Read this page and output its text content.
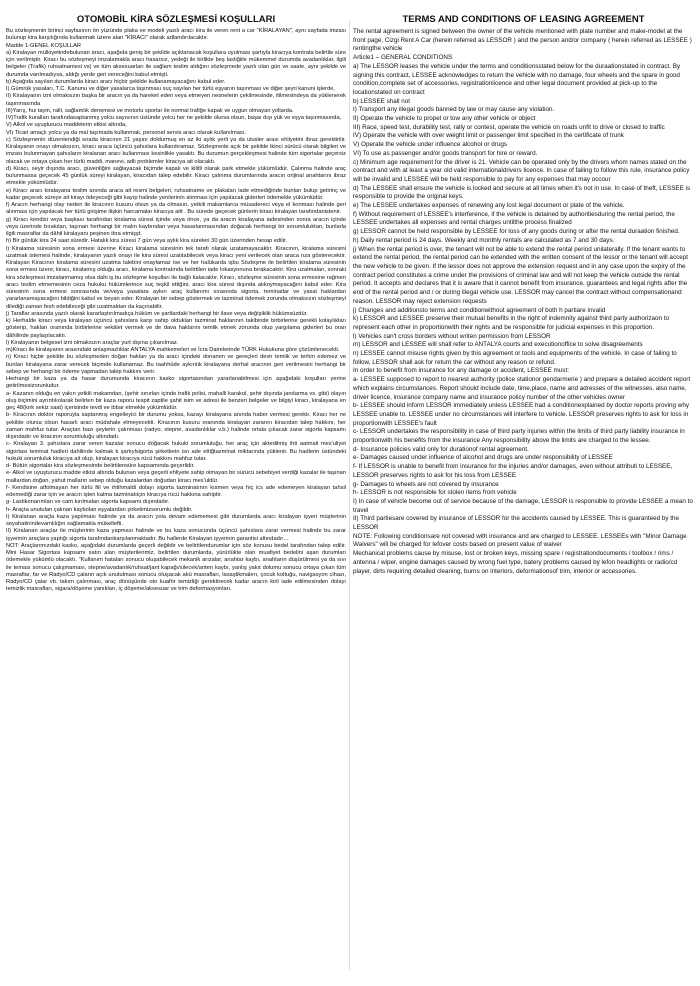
OTOMOBİL KİRA SÖZLEŞMESİ KOŞULLARI

Bu sözleşmenin birinci sayfasının ön yüzünde plaka ve modeli yazılı aracı kira ile veren rent a car "KİRALAYAN", aynı sayfada imzası bulunup kira karşılığında kullanmak üzere alan "KİRACI" olarak adlandırılacaktır.

Madde 1-GENEL KOŞULLAR

a) Kiralayan mülkiyetindebulunan aracı, aşağıda geniş bir şekilde açıklanacak koşullara uyulması şartıyla kiracıya kontrata belirtile süre için verilmiştir. Kiracı bu sözleşmeyi imzalamakla aracı hasarsız, yedeği ile birlikte beş lastiğiile mükemmel durumda avadanlıklar, ilgili belgeler (Trafik) ruhsatnamesi vs) ve tüm aksesuarları ile sağlam teslim aldığını sözleşmede yazılı olan gün ve saate, aynı şekilde ve durumda varılmadıysa, aldığı yerde geri vereceğini kabul etmişti.

b) Aşağıda sayılan durumlarda kiracı aracı hiçbir şekilde kullanamayacağını kabul eder.

I) Gümrük yasaları, T.C. Kanunu ve diğer yasalarca taşınması suç sayılan her türlü eşyanın taşınması ve diğer şeyri kanuni işlerde,

II) Kiralayanın izni olmaksızın başka bir aracın ya da hareket eden veya etmeyen nesnelerin çekilmesinde, itilmesindeya da yüklenerek taşınmasında

III)Yarış, hız tayin, ralli, sağlamlık denemesi ve motorlu sporlar ile normal trafiğe kapalı ve uygun olmayan yollarda.

IV)Trafik kuralları tarafındasaptanmış yolcu sayısının üstünde yolcu her ne şekilde olursa olsun, başaı dışı yük ve eşya taşınmasında,

V) Alkol ve uyuşturucu maddelerin etkisi altında,

VI) Ticari amaçlı yolcu ya da mal taşımada kullanmak, personel servis aracı olarak kullanılması.

c) Sözleşmenin düzenlendiği sırada kiracının 21 yaşını doldurmuş en az iki aylık yerli ya da ulusler arası ehliyetini ibraz gerektirilir. Kiralayanın onayı olmaksızın, kiracı araca üçüncü şahıslara kullandıramaz. Sözleşmede açık bir şekilde ikinci sürücü olarak bilgileri ve imzası bulunmayan şahısların kiralanan aracı kullanması kesinlikle yasaktı. Bu durumun gerçekleşmesi halinde tüm sigortalar geçersiz olacak ve ortaya çıkan her türlü maddi, manevi, adli problemler kiracıya ait olacaktı.

d) Kiracı, seyir dışında aracı, güvenliğini sağlayacak biçimde kapalı ve kilitli olarak park etmekle yükümlüdür. Çalınma halinde araç bulunmassa geçecek 45 günlük süreyi kiralayan, kiracıdan talep edebilir. Kiracı çalınma durumlarında aracın orijinal anahtarını ibraz etmekle yükümlüdür.

e) Kiracı aracı kiralayana teslim anında araca ait resmi belgeleri, ruhsatname ve plakaları iade etmediğinde bunları bulup getirinç ve kadar geçecek süreye ait kirayı ödeyeceği gibi kayıp halinde yenilerinin alınması için yapılacak giderleri ödemekle yükümlüdür.

f) Aracın herhangi olay neden ile kiracının kusuru olsun ya da olmasın, yetkili makamlarca müsadereci veya el konması halinde geri alınması için yapılacak her türlü girişime ilişkin harcamalar kiracıya aitt . Bu sürede geçecek günlerin kirası kiralayan tarafındanistenir.

g) Kiracı kendisi veya başkası tarafından kiralama süresi içinde veya önce, ya da aracın kiralayana iadesinden sonra aracın içinde veya üzerinde bırakılan, taşınan herhangi bir malın kaybından veya hasarlanmasından doğacak herhangi bir sorumluluktan, bunlarla ilgili masraflar da dâhil kiralayanı peşinen ibra etmişşt.

h) Bir günlük kira 24 saat süredir. Hatalık kira süresi 7 gün veya aylık kira süreleri 30 gün üzerinden hesap edilir.

i) Kiralama süresinin sona ermesi üzerine Kiracı kiralama süresinin tek tarafı olarak uzatamayacaktır. Kiracının, kiralama süresini uzatmak istemesi halinde, kiralayanın yazılı onayı ile kira süresi uzatılabilecek veya kiracı yeni verilecek olan araca rıza gösterecektir. Kiralayan Kiracının kiralama süresini uzatma talebini onaylamaz ise ve her halükarda işbu Sözleşme ile belirtilen kiralama süresinin sona ermesi üzere; kiracı, kiralamış olduğu aracı, kiralama kontratında belirtilen iade lokasyonuna bırakacaktır. Kira uzatmaları, sonraki kira sözleşmesi imzalanmamış olsa dahi iş bu sözleşme koşulları ile bağlı kalacaktır. Kiracı, sözleşme süresinin sona ermesine rağmen aracı teslim etmemesinin ceza hukuku hükümlerince suç teşkil ettiğini, aracı kira süresi dışında alıkoymayacağını kabul eder. Kira süresinin sona ermesi sonrasında ve/veya yasalara aykırı araç kullanımı sırasında sigorta, teminatlar ve yasal haklardan yararlanamayacağını bildiğini kabul ve beyan eder. Kiralayan bir sebep göstermek ve tazminat ödemek zorunda olmaksızın sözleşmeyi dilediği zaman fesh edebileceği gibi uzatmaktan da kaçınabilir.

j) Taraflar arasında yazılı olarak kararlaştırılmadıça hüküm ve şartlardaki herhangi bir ilave veya değişiklik hükümsüzdür.

k) Herhalde kiracı veya kiralayan üçüncü şahıslara karşı sahip oldukları tazminat haklarının takibinde birbirlerine gerekli kolaylıkları gösterip, hakları oranında birbirlerine vekâlet vermek ve de dava haklarını temlik etmek zorunda olup yargılama giderleri bu oran dâhilinde paylaşılacaktı.

l) Kiralayanın belgesel izni olmaksızın araçlar yurt dışına çıkanılmaz.

m)Kiracı ile kiralayanın arasındaki anlaşmazlıklar ANTALYA mahkemeleri ve İcra Dairelerinde TÜRK Hukukuna göre çözümlenecekti.

n) Kiracı hiçbir şekilde bu sözleşmeden doğan hakları ya da aracı içindeki donanım ve gereçleri devir temlik ve terhin edemez ve bunları kiralayana zarar verecek biçimde kullanamaz. Bu taahhüde aykırılık kiralayana derhal aracının geri verilmesini herhangi bir sebep ve herhangi bir ödeme yapmadan talep hakkını verir.

Herhangi bir kaza ya da hasar durumunda kiracının kasko sigortasından yararlanabilmesi için aşağıdaki koşulları yerine getirilmesizorunludur.

a- Kazanın olduğu en yakın yetkili makamdan, (şehir sınırları içinde trafik polisi, mahalli karakol, şehir dışında jandarma vs. gibi) olayın oluş biçimini ayrıntılıolarak belirten bir kaza raporu tespit zaptile şahit isim ve adresi ile benzeri belgeler ve bilgiyi kiracı, kiralayana en geç 48(kırk sekiz saat) içerisinde tevdi ve ibbar etmekle yükümlüdür.

b- Kiracının doktor raporuyla saptanmış engelleyici bir durumu yoksa, kazayı kiralayana anında haber vermesi gerekir. Kiracı her ne şekilde olursa olsun hasarlı aracı müdahale etmeyecekti. Kiracının kusuru oranında kiralayan zararını kiracıdan talep hakkını, her zaman mahfuz tutar. Araçtan bazı şeylerin çalınması (radyo, stepne, avadanlıklar v.b.) halinde ortala çıkacak zarar sigorta kapsamı dışındadır ve kiracının sorumluluğu altındadı.

c- Kiralayan 3. şahıslara zarar veren kazalar sonucu doğacak hukuki sorumluluğu, her araç için aktedilmiş ihti aatmali mes'uliyet sigortası teminat hadleri dahilinde kalmak k şartıylsigorta şirketlerin isn ade ettiğtazminat miktarında yüklenir. Bu hadlerin üstündeki hukuki sorumluluk kiracıya ait olup, kiralayan kiracıya rücü hakkını mahfuz tutar.

d- Bütün sigortalar kira sözleşmesinde belirtilensüre kapsamında geçerlidir.

e- Alkol ve uyuşturucu madde etkisi altında bulunan veya geçerli ehliyete sahip olmayan bir sürücü sebebiyet verdiği kazalar ile taşınan mallardan doğan, yahut malların sebep olduğu kazalardan doğudan kiracı mes'uldür.

f- Kendisine atfolmayan her türlü fiil ve ihtihmaldi dolayı sigorta tazminatının kısmen veya hiç ics ade edemeyen kiralayan tahsil edemediği zarar için ve aracın işten kalma tazminatıiçin kiracıya rücü hakkına sahiptir.

g- Lastikonarımları ve cam kırılmaları sigorta kapsamı dışındadır.

h- Araçta unutulan çalınan kaybolan eşyalardan şirketimizsorumlu değildir.

I) Kiralanan araçla kaza yapılması halinde ya da aracın yola devam edememesi gibi durumlarda aracı kiralayan işyeri müşterinin seyahatinindevamlılığın sağlamakla mükellefti.

II) Kiralanan araçlar ile müşterinin kaza yapması halinde ve bu kaza sonucunda üçüncü şahıslara zarar vermesi halinde bu zarar işyerinin araçlara yaptığı sigorta tarafındankarşılanmaktadır. Bu hallerde Kiralayan işyerinin garantisi altındadır…

NOT: Araçlarımızdaki kasko, aşağıdaki durumlarda geçerli değildir ve belirtilendurumlar için söz konusu bedel tarafından talep edilir. Mini Hasar Sigortası kapsamı satın alan müşterilerimiz, belirtilen durumlarda, yürürlükte olan muafiyet bedelini aşan durumları ödemekle yükümlü olacaktı. "Kullanım hataları sonucu oluşabilecek mekanik arızalar, anahtar kaybı, anahtarın düşürülmesi ya da sıvı ile teması sonucu çalışmaması, stepne/avadanlık/ruhsat/jant kapağı/silecek/anten kaybı, yanlış yakıt dolumu sonucu ortaya çıkan tüm masraflar, far ve Radyo/CD çaların açık unutulması sonucu oluşacak akü masrafları, lasaştikmalerı, çocuk koltuğu, navigasyon cihazı, Radyo/CD çalar vb. takım çalınması, araç dönüşünde oto kuaför temizliği gerektirecek kadar aracın kirli iade edilmesinden dolayı temizlik masrafları, sigara/döşeme yanıkları, iç döşeme/aksesuar ve trim deformasyonları.

TERMS AND CONDITIONS OF LEASING AGREEMENT

The rental agreement is signed between the owner of the vehicle mentioned with plate number and make-model at the front page, Cizgi Rent A Car (herein referred as LESSOR ) and the person and/or company ( herein referred as LESSEE ) rentingthe vehicle

Article1 – GENERAL CONDITIONS

a) The LESSOR leases the vehicle under the terms and conditionsstated below for the duraationstated in contract. By signing this contract, LESSEE acknowledges to return the vehicle with no damage, four wheels and the spare in good condition,complete set of accessories, registrationlicence and other legal document provided at pick-up to the locationstated on contract

b) LESSEE shall not

I) Transport any illegal goods banned by law or may cause any violation.

II) Operate the vehicle to propel or tow any other vehicle or object

III) Race, speed test, durability test, rally or contest, operate the vehicle on roads unfit to drive or closed to traffic

IV) Operate the vehicle with over weight limit or passenger limit specified in the certificate of trunk

V) Operate the vehicle under influence alcohol or drugs

VI) To use as passenger and/or goods transport for hire or reward.

c) Minimum age requirement for the driver is 21. Vehicle can be operated only by the drivers whom names stated on the contract and with at least a year old valid internationaldrivers licence. In case of failing to follow this rule, insurance policy will be invalid and LESSEE will be held responsible to pay for any expenses that may occour

d) The LESSEE shall ensure the vehicle is locked and secure at all times when it's not in use. In case of theft, LESSEE is responsible to provide the original keys.

e) The LESSEE undertakes expenses of renewing any lost legal document or plate of the vehicle.

f) Without requirement of LESSEE's interference, if the vehicle is detained by authoritiesduring the rental period, the LESSEE undertakes all expenses and rental charges untilthe process finalized

g) LESSOR cannot be held responsible by LESSEE for loss of any goods during or after the rental duraation finished.

h) Daily rental period is 24 days. Weekly and monthly rentals are calculated as 7 and 30 days.

j) When the rental period is over, the tenant will not be able to extend the rental period unilaterally. If the tenant wants to extend the rental period, the rental period can be extended with the written consent of the lessor or the tenant will accept the new vehicle to be given. If the lessor does not approve the extension request and in any case upon the expiry of the contract period constitutes a crime under the provisions of criminal law and will not keep the vehicle outside the rental period. It accepts and declares that it is aware that it cannot benefit from insurance, guarantees and legal rights after the end of the rental period and / or during illegal vehicle use. LESSOR may cancel the contract without compensationand reason. LESSOR may reject extension requests

j) Changes and additionsto terms and conditionwithout agreement of both h partiare invalid

k) LESSOR and LESSEE preserve their mutual benefits in the right of indemnity against third party authorizaon to represent each other in proportionwith their rights and be responsible for judicial expenses in this proportion.

l) Vehicles can't cross borders without writen permission from LESSOR

m) LESSOR and LESSEE will shall refer to ANTALYA courts and executionoffice to solve disagreements

n) LESSEE cannot misuse rights given by this agreement or tools and equipments of the vehicle. In case of failing to follow, LESSOR shall ask for return the car without any reason or refund.

In order to benefit from insurance for any damage or accident, LESSEE must:

a- LESSEE supposed to report to nearest authority (police stationor gendarmerie ) and prepare a detailed accident report which explains circumstances. Report should include date, time,place, name and adresses of the witnesses, also name, driver licence, insurance company name and insurance policy number of the other vehicles owner

b- LESSEE should inform LESSOR immediately unless LESSEE had a conditionexplained by doctor reports proving why LESSEE unable to. LESSEE under no circumstances will interfere to vehicle. LESSOR preserves rights to ask for loss in proportionwith LESSEE's fault

c- LESSOR undertakes the responsibility in case of third party injuries within the limits of third party liability insurance in proportionwith his benefits from the insurance Any responsibility above the limits are charged to the lessee.

d- Insurance policies valid only for durationof rental agreement.

e- Damages caused under influence of alcohol and drugs are under responsibility of LESSEE

f- If LESSOR is unable to benefit from insurance for the injuries and/or damages, even without attributi to LESSEE, LESSOR preserves rights to ask for his loss from LESSEE

g- Damages to wheels are not covered by insurance

h- LESSOR is not responsible for stolen items from vehicle

I) In case of vehicle become out of service because of the damage, LESSOR is responsible to provide LESSEE a mean to travel

II) Third partiesare covered by insurance of LESSOR for the accidents caused by LESSEE. This is guaranteed by the LESSOR

NOTE: Following conditionsare not covered with insurance and are charged to LESSEE. LESSEEs with "Minor Damage Waivers" will be charged for lefover costs based on present value of waiver

Mechanical problems cause by misuse, lost or broken keys, missing spare / registrationdocuments / toolbox / rims / antenna / wiper, engine damages caused by wrong fuel type, batery problems caused by lefon headlights or radio/cd player, dirts requiring detailed cleaning, burns on interiors, deformationsof trim, interior or accessories.
